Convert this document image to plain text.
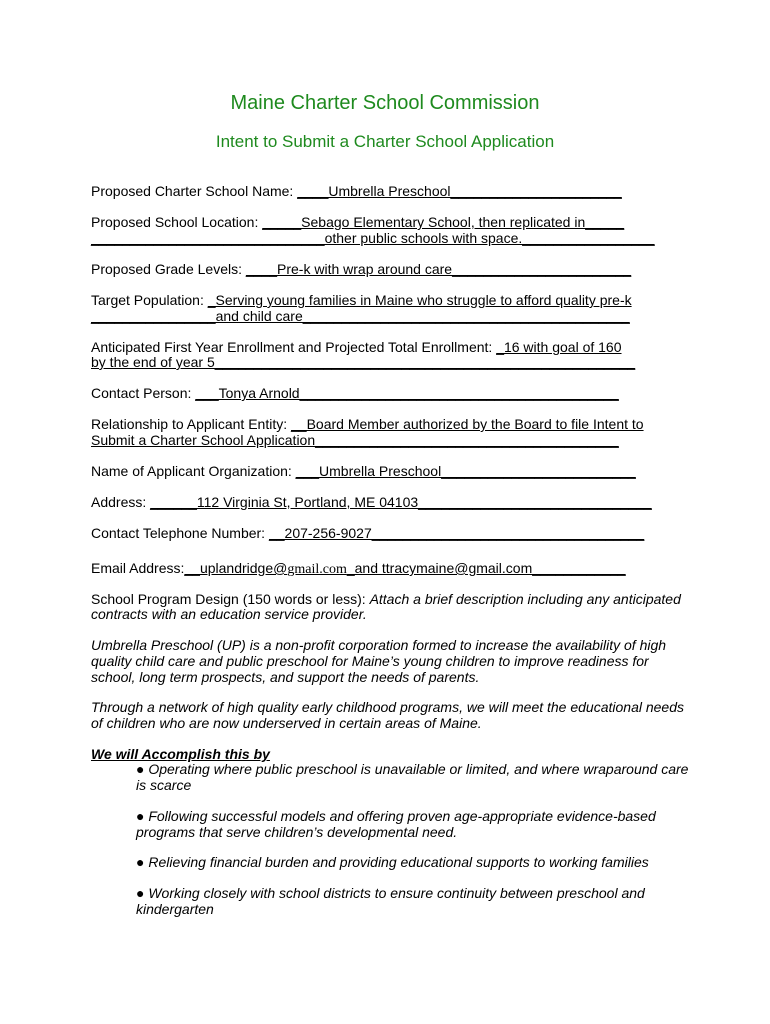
Maine Charter School Commission
Intent to Submit a Charter School Application
Proposed Charter School Name: ____Umbrella Preschool______________________
Proposed School Location: _____Sebago Elementary School, then replicated in_____
______________________________other public schools with space._________________
Proposed Grade Levels: ____Pre-k with wrap around care_______________________
Target Population: _Serving young families in Maine who struggle to afford quality pre-k
________________and child care__________________________________________
Anticipated First Year Enrollment and Projected Total Enrollment: _16 with goal of 160
by the end of year 5______________________________________________________
Contact Person: ___Tonya Arnold_________________________________________
Relationship to Applicant Entity: __Board Member authorized by the Board to file Intent to
Submit a Charter School Application_______________________________________
Name of Applicant Organization: ___Umbrella Preschool_________________________
Address: ______112 Virginia St, Portland, ME 04103______________________________
Contact Telephone Number: __207-256-9027___________________________________
Email Address:__uplandridge@gmail.com_and ttracymaine@gmail.com____________
School Program Design (150 words or less): Attach a brief description including any anticipated
contracts with an education service provider.
Umbrella Preschool (UP) is a non-profit corporation formed to increase the availability of high quality child care and public preschool for Maine’s young children to improve readiness for school, long term prospects, and support the needs of parents.
Through a network of high quality early childhood programs, we will meet the educational needs of children who are now underserved in certain areas of Maine.
We will Accomplish this by
● Operating where public preschool is unavailable or limited, and where wraparound care is scarce
● Following successful models and offering proven age-appropriate evidence-based programs that serve children’s developmental need.
● Relieving financial burden and providing educational supports to working families
● Working closely with school districts to ensure continuity between preschool and kindergarten
